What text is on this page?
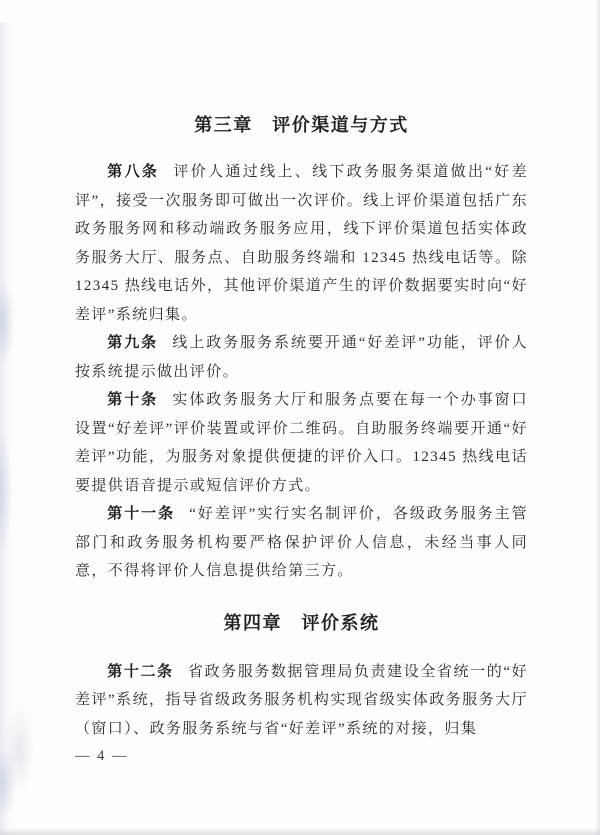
第三章　评价渠道与方式

第八条 评价人通过线上、线下政务服务渠道做出“好差评”，接受一次服务即可做出一次评价。线上评价渠道包括广东政务服务网和移动端政务服务应用，线下评价渠道包括实体政务服务大厅、服务点、自助服务终端和 12345 热线电话等。除 12345 热线电话外，其他评价渠道产生的评价数据要实时向“好差评”系统归集。

第九条 线上政务服务系统要开通“好差评”功能，评价人按系统提示做出评价。

第十条 实体政务服务大厅和服务点要在每一个办事窗口设置“好差评”评价装置或评价二维码。自助服务终端要开通“好差评”功能，为服务对象提供便捷的评价入口。12345 热线电话要提供语音提示或短信评价方式。

第十一条 “好差评”实行实名制评价，各级政务服务主管部门和政务服务机构要严格保护评价人信息，未经当事人同意，不得将评价人信息提供给第三方。

第四章　评价系统

第十二条 省政务服务数据管理局负责建设全省统一的“好差评”系统，指导省级政务服务机构实现省级实体政务服务大厅（窗口）、政务服务系统与省“好差评”系统的对接，归集

— 4 —
